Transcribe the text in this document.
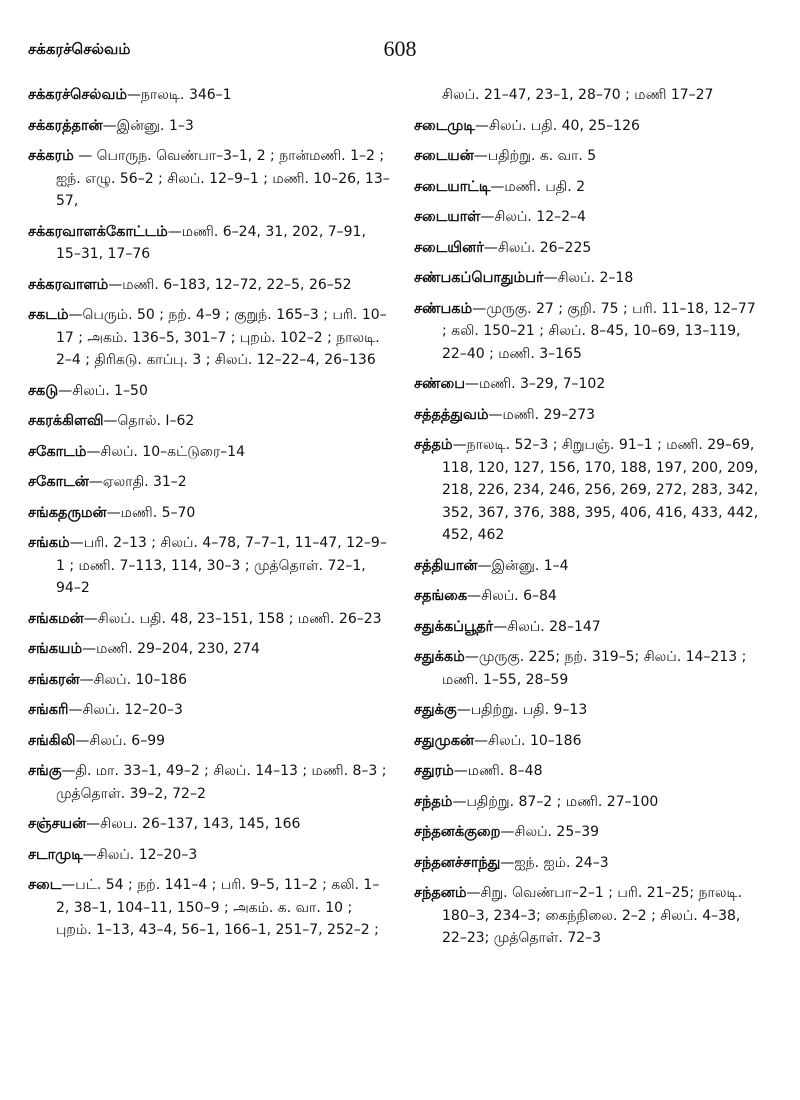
சக்கரச்செல்வம்	608
சக்கரச்செல்வம்—நாலடி. 346–1
சக்கரத்தான்—இன்னு. 1–3
சக்கரம் — பொருந. வெண்பா–3–1, 2 ; நான்மணி. 1–2 ; ஐந். எழு. 56–2 ; சிலப். 12–9–1 ; மணி. 10–26, 13–57,
சக்கரவாளக்கோட்டம்—மணி. 6–24, 31, 202, 7–91, 15–31, 17–76
சக்கரவாளம்—மணி. 6–183, 12–72, 22–5, 26–52
சகடம்—பெரும். 50 ; நற். 4–9 ; குறுந். 165–3 ; பரி. 10–17 ; அகம். 136–5, 301–7 ; புறம். 102–2 ; நாலடி. 2–4 ; திரிகடு. காப்பு. 3 ; சிலப். 12–22–4, 26–136
சகடு—சிலப். 1–50
சகரக்கிளவி—தொல். I–62
சகோடம்—சிலப். 10–கட்டுரை–14
சகோடன்—ஏலாதி. 31–2
சங்கதருமன்—மணி. 5–70
சங்கம்—பரி. 2–13 ; சிலப். 4–78, 7–7–1, 11–47, 12–9–1 ; மணி. 7–113, 114, 30–3 ; முத்தொள். 72–1, 94–2
சங்கமன்—சிலப். பதி. 48, 23–151, 158 ; மணி. 26–23
சங்கயம்—மணி. 29–204, 230, 274
சங்கரன்—சிலப். 10–186
சங்கரி—சிலப். 12–20–3
சங்கிலி—சிலப். 6–99
சங்கு—தி. மா. 33–1, 49–2 ; சிலப். 14–13 ; மணி. 8–3 ; முத்தொள். 39–2, 72–2
சஞ்சயன்—சிலப. 26–137, 143, 145, 166
சடாமுடி—சிலப். 12–20–3
சடை—பட். 54 ; நற். 141–4 ; பரி. 9–5, 11–2 ; கலி. 1–2, 38–1, 104–11, 150–9 ; அகம். க. வா. 10 ; புறம். 1–13, 43–4, 56–1, 166–1, 251–7, 252–2 ;
சிலப். 21–47, 23–1, 28–70 ; மணி 17–27
சடைமுடி—சிலப். பதி. 40, 25–126
சடையன்—பதிற்று. க. வா. 5
சடையாட்டி—மணி. பதி. 2
சடையாள்—சிலப். 12–2–4
சடையினர்—சிலப். 26–225
சண்பகப்பொதும்பர்—சிலப். 2–18
சண்பகம்—முருகு. 27 ; குறி. 75 ; பரி. 11–18, 12–77 ; கலி. 150–21 ; சிலப். 8–45, 10–69, 13–119, 22–40 ; மணி. 3–165
சண்பை—மணி. 3–29, 7–102
சத்தத்துவம்—மணி. 29–273
சத்தம்—நாலடி. 52–3 ; சிறுபஞ். 91–1 ; மணி. 29–69, 118, 120, 127, 156, 170, 188, 197, 200, 209, 218, 226, 234, 246, 256, 269, 272, 283, 342, 352, 367, 376, 388, 395, 406, 416, 433, 442, 452, 462
சத்தியான்—இன்னு. 1–4
சதங்கை—சிலப். 6–84
சதுக்கப்பூதர்—சிலப். 28–147
சதுக்கம்—முருகு. 225; நற். 319–5; சிலப். 14–213 ; மணி. 1–55, 28–59
சதுக்கு—பதிற்று. பதி. 9–13
சதுமுகன்—சிலப். 10–186
சதுரம்—மணி. 8–48
சந்தம்—பதிற்று. 87–2 ; மணி. 27–100
சந்தனக்குறை—சிலப். 25–39
சந்தனச்சாந்து—ஐந். ஐம். 24–3
சந்தனம்—சிறு. வெண்பா–2–1 ; பரி. 21–25; நாலடி. 180–3, 234–3; கைந்நிலை. 2–2 ; சிலப். 4–38, 22–23; முத்தொள். 72–3
